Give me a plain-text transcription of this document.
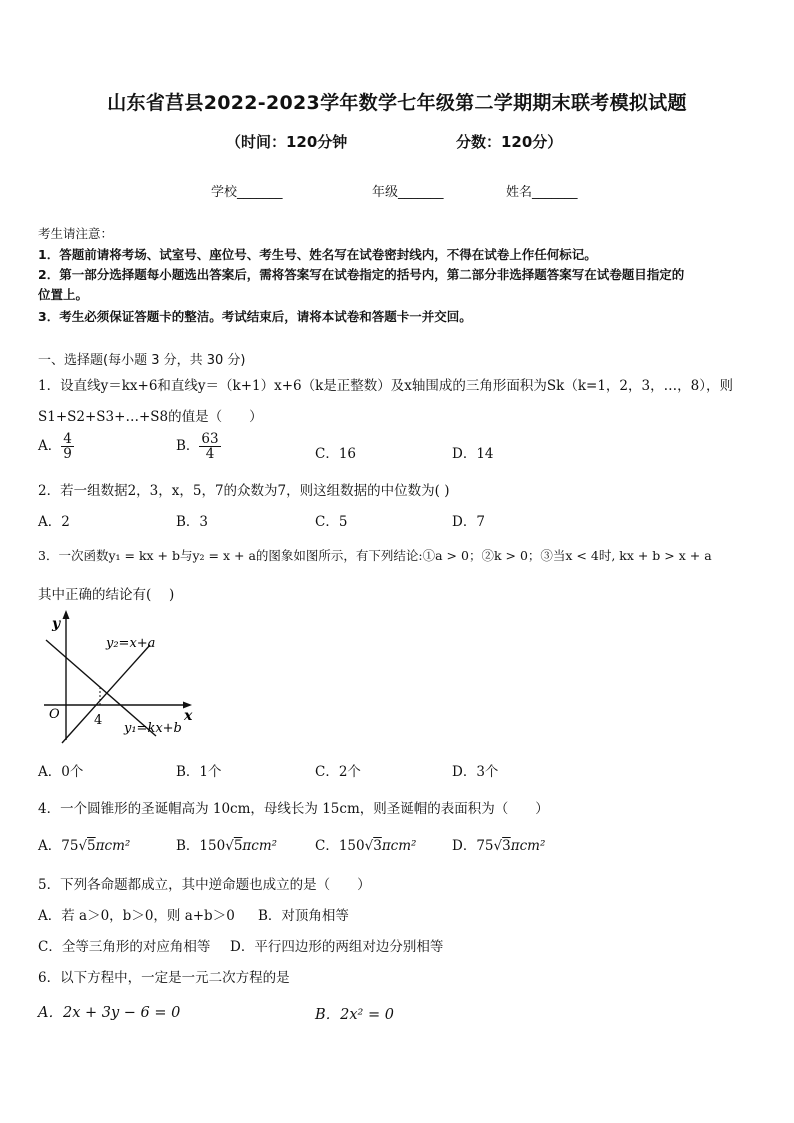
山东省莒县2022-2023学年数学七年级第二学期期末联考模拟试题
（时间：120分钟	分数：120分）
学校_______	年级_______	姓名_______
考生请注意：
1．答题前请将考场、试室号、座位号、考生号、姓名写在试卷密封线内，不得在试卷上作任何标记。
2．第一部分选择题每小题选出答案后，需将答案写在试卷指定的括号内，第二部分非选择题答案写在试卷题目指定的
位置上。
3．考生必须保证答题卡的整洁。考试结束后，请将本试卷和答题卡一并交回。
一、选择题(每小题 3 分，共 30 分)
1．设直线y＝kx+6和直线y＝（k+1）x+6（k是正整数）及x轴围成的三角形面积为Sk（k=1，2，3，…，8），则
S1+S2+S3+…+S8的值是（　　）
A． $\frac{4}{9}$	B． $\frac{63}{4}$	C．16	D．14
2．若一组数据2，3，x，5，7的众数为7，则这组数据的中位数为( )
A．2	B．3	C．5	D．7
3．一次函数y₁ = kx + b与y₂ = x + a的图象如图所示，有下列结论:①a > 0；②k > 0；③当x < 4时, kx + b > x + a
其中正确的结论有(　 )
y
x
O	4
y₂=x+a
y₁=kx+b
A．0个	B．1个	C．2个	D．3个
4．一个圆锥形的圣诞帽高为 10cm，母线长为 15cm，则圣诞帽的表面积为（　　）
A．75√5πcm²	B．150√5πcm²	C．150√3πcm²	D．75√3πcm²
5．下列各命题都成立，其中逆命题也成立的是（　　）
A．若 a＞0，b＞0，则 a+b＞0 B．对顶角相等
C．全等三角形的对应角相等 D．平行四边形的两组对边分别相等
6．以下方程中，一定是一元二次方程的是
A．2x + 3y − 6 = 0	B．2x² = 0
